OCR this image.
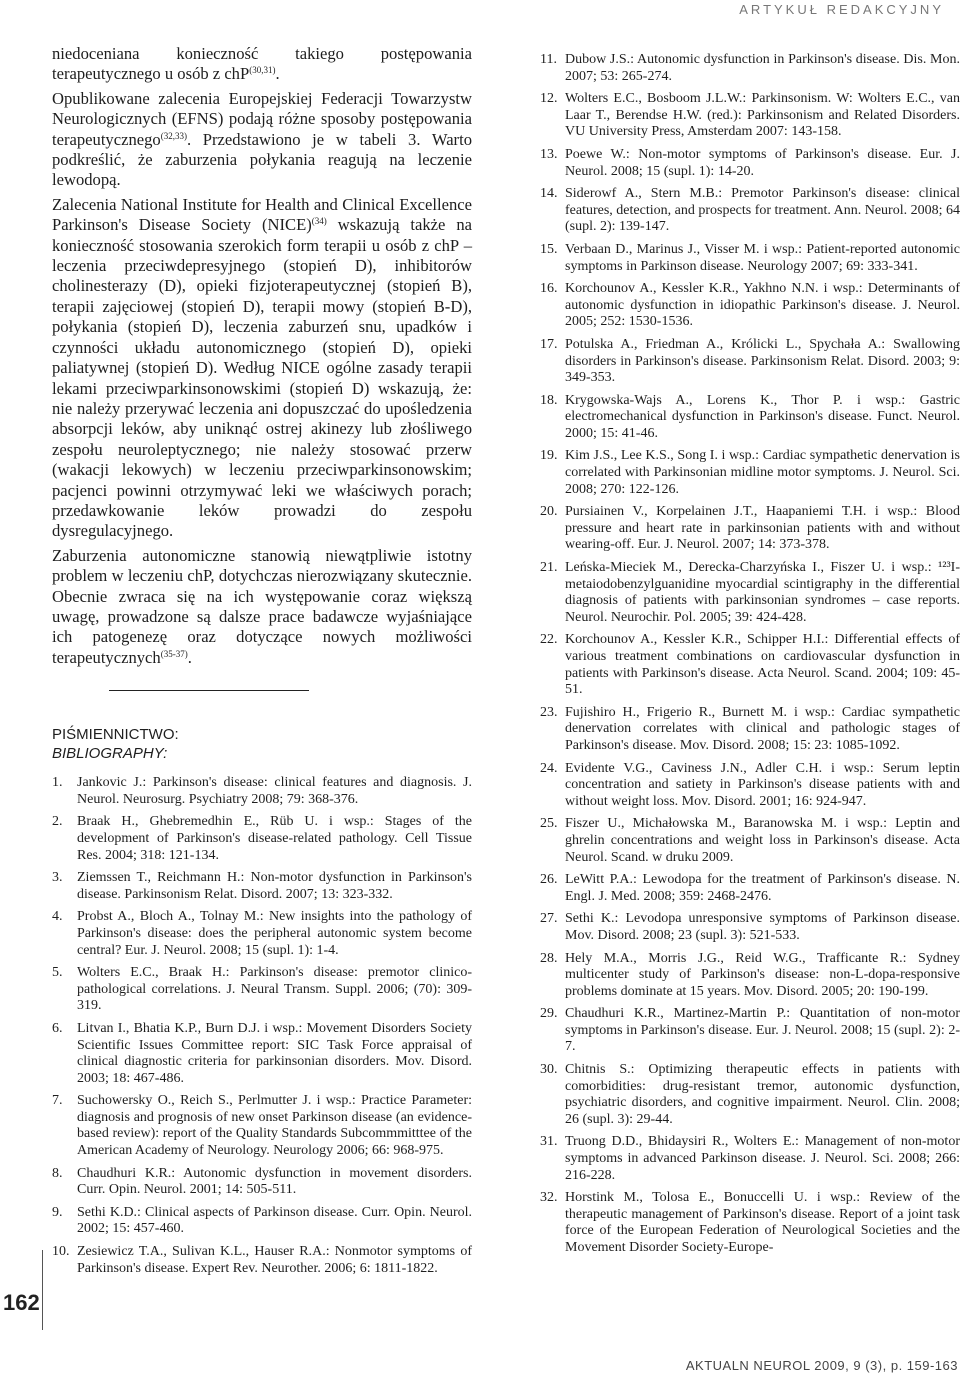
ARTYKUŁ REDAKCYJNY

niedoceniana konieczność takiego postępowania terapeutycznego u osób z chP$^{(30,31)}$.

Opublikowane zalecenia Europejskiej Federacji Towarzystw Neurologicznych (EFNS) podają różne sposoby postępowania terapeutycznego$^{(32,33)}$. Przedstawiono je w tabeli 3. Warto podkreślić, że zaburzenia połykania reagują na leczenie lewodopą.

Zalecenia National Institute for Health and Clinical Excellence Parkinson's Disease Society (NICE)$^{(34)}$ wskazują także na konieczność stosowania szerokich form terapii u osób z chP – leczenia przeciwdepresyjnego (stopień D), inhibitorów cholinesterazy (D), opieki fizjoterapeutycznej (stopień B), terapii zajęciowej (stopień D), terapii mowy (stopień B-D), połykania (stopień D), leczenia zaburzeń snu, upadków i czynności układu autonomicznego (stopień D), opieki paliatywnej (stopień D). Według NICE ogólne zasady terapii lekami przeciwparkinsonowskimi (stopień D) wskazują, że: nie należy przerywać leczenia ani dopuszczać do upośledzenia absorpcji leków, aby uniknąć ostrej akinezy lub złośliwego zespołu neuroleptycznego; nie należy stosować przerw (wakacji lekowych) w leczeniu przeciwparkinsonowskim; pacjenci powinni otrzymywać leki we właściwych porach; przedawkowanie leków prowadzi do zespołu dysregulacyjnego.

Zaburzenia autonomiczne stanowią niewątpliwie istotny problem w leczeniu chP, dotychczas nierozwiązany skutecznie. Obecnie zwraca się na ich występowanie coraz większą uwagę, prowadzone są dalsze prace badawcze wyjaśniające ich patogenezę oraz dotyczące nowych możliwości terapeutycznych$^{(35-37)}$.

PIŚMIENNICTWO:
BIBLIOGRAPHY:
1.	Jankovic J.: Parkinson's disease: clinical features and diagnosis. J. Neurol. Neurosurg. Psychiatry 2008; 79: 368-376.
2.	Braak H., Ghebremedhin E., Rüb U. i wsp.: Stages of the development of Parkinson's disease-related pathology. Cell Tissue Res. 2004; 318: 121-134.
3.	Ziemssen T., Reichmann H.: Non-motor dysfunction in Parkinson's disease. Parkinsonism Relat. Disord. 2007; 13: 323-332.
4.	Probst A., Bloch A., Tolnay M.: New insights into the pathology of Parkinson's disease: does the peripheral autonomic system become central? Eur. J. Neurol. 2008; 15 (supl. 1): 1-4.
5.	Wolters E.C., Braak H.: Parkinson's disease: premotor clinico-pathological correlations. J. Neural Transm. Suppl. 2006; (70): 309-319.
6.	Litvan I., Bhatia K.P., Burn D.J. i wsp.: Movement Disorders Society Scientific Issues Committee report: SIC Task Force appraisal of clinical diagnostic criteria for parkinsonian disorders. Mov. Disord. 2003; 18: 467-486.
7.	Suchowersky O., Reich S., Perlmutter J. i wsp.: Practice Parameter: diagnosis and prognosis of new onset Parkinson disease (an evidence-based review): report of the Quality Standards Subcommmitttee of the American Academy of Neurology. Neurology 2006; 66: 968-975.
8.	Chaudhuri K.R.: Autonomic dysfunction in movement disorders. Curr. Opin. Neurol. 2001; 14: 505-511.
9.	Sethi K.D.: Clinical aspects of Parkinson disease. Curr. Opin. Neurol. 2002; 15: 457-460.
10. Zesiewicz T.A., Sulivan K.L., Hauser R.A.: Nonmotor symptoms of Parkinson's disease. Expert Rev. Neurother. 2006; 6: 1811-1822.
11. Dubow J.S.: Autonomic dysfunction in Parkinson's disease. Dis. Mon. 2007; 53: 265-274.
12. Wolters E.C., Bosboom J.L.W.: Parkinsonism. W: Wolters E.C., van Laar T., Berendse H.W. (red.): Parkinsonism and Related Disorders. VU University Press, Amsterdam 2007: 143-158.
13. Poewe W.: Non-motor symptoms of Parkinson's disease. Eur. J. Neurol. 2008; 15 (supl. 1): 14-20.
14. Siderowf A., Stern M.B.: Premotor Parkinson's disease: clinical features, detection, and prospects for treatment. Ann. Neurol. 2008; 64 (supl. 2): 139-147.
15. Verbaan D., Marinus J., Visser M. i wsp.: Patient-reported autonomic symptoms in Parkinson disease. Neurology 2007; 69: 333-341.
16. Korchounov A., Kessler K.R., Yakhno N.N. i wsp.: Determinants of autonomic dysfunction in idiopathic Parkinson's disease. J. Neurol. 2005; 252: 1530-1536.
17. Potulska A., Friedman A., Królicki L., Spychała A.: Swallowing disorders in Parkinson's disease. Parkinsonism Relat. Disord. 2003; 9: 349-353.
18. Krygowska-Wajs A., Lorens K., Thor P. i wsp.: Gastric electromechanical dysfunction in Parkinson's disease. Funct. Neurol. 2000; 15: 41-46.
19. Kim J.S., Lee K.S., Song I. i wsp.: Cardiac sympathetic denervation is correlated with Parkinsonian midline motor symptoms. J. Neurol. Sci. 2008; 270: 122-126.
20. Pursiainen V., Korpelainen J.T., Haapaniemi T.H. i wsp.: Blood pressure and heart rate in parkinsonian patients with and without wearing-off. Eur. J. Neurol. 2007; 14: 373-378.
21. Leńska-Mieciek M., Derecka-Charzyńska I., Fiszer U. i wsp.: ¹²³I-metaiodobenzylguanidine myocardial scintigraphy in the differential diagnosis of patients with parkinsonian syndromes – case reports. Neurol. Neurochir. Pol. 2005; 39: 424-428.
22. Korchounov A., Kessler K.R., Schipper H.I.: Differential effects of various treatment combinations on cardiovascular dysfunction in patients with Parkinson's disease. Acta Neurol. Scand. 2004; 109: 45-51.
23. Fujishiro H., Frigerio R., Burnett M. i wsp.: Cardiac sympathetic denervation correlates with clinical and pathologic stages of Parkinson's disease. Mov. Disord. 2008; 15: 23: 1085-1092.
24. Evidente V.G., Caviness J.N., Adler C.H. i wsp.: Serum leptin concentration and satiety in Parkinson's disease patients with and without weight loss. Mov. Disord. 2001; 16: 924-947.
25. Fiszer U., Michałowska M., Baranowska M. i wsp.: Leptin and ghrelin concentrations and weight loss in Parkinson's disease. Acta Neurol. Scand. w druku 2009.
26. LeWitt P.A.: Lewodopa for the treatment of Parkinson's disease. N. Engl. J. Med. 2008; 359: 2468-2476.
27. Sethi K.: Levodopa unresponsive symptoms of Parkinson disease. Mov. Disord. 2008; 23 (supl. 3): 521-533.
28. Hely M.A., Morris J.G., Reid W.G., Trafficante R.: Sydney multicenter study of Parkinson's disease: non-L-dopa-responsive problems dominate at 15 years. Mov. Disord. 2005; 20: 190-199.
29. Chaudhuri K.R., Martinez-Martin P.: Quantitation of non-motor symptoms in Parkinson's disease. Eur. J. Neurol. 2008; 15 (supl. 2): 2-7.
30. Chitnis S.: Optimizing therapeutic effects in patients with comorbidities: drug-resistant tremor, autonomic dysfunction, psychiatric disorders, and cognitive impairment. Neurol. Clin. 2008; 26 (supl. 3): 29-44.
31. Truong D.D., Bhidaysiri R., Wolters E.: Management of non-motor symptoms in advanced Parkinson disease. J. Neurol. Sci. 2008; 266: 216-228.
32. Horstink M., Tolosa E., Bonuccelli U. i wsp.: Review of the therapeutic management of Parkinson's disease. Report of a joint task force of the European Federation of Neurological Societies and the Movement Disorder Society-Europe-
162
AKTUALN NEUROL 2009, 9 (3), p. 159-163
